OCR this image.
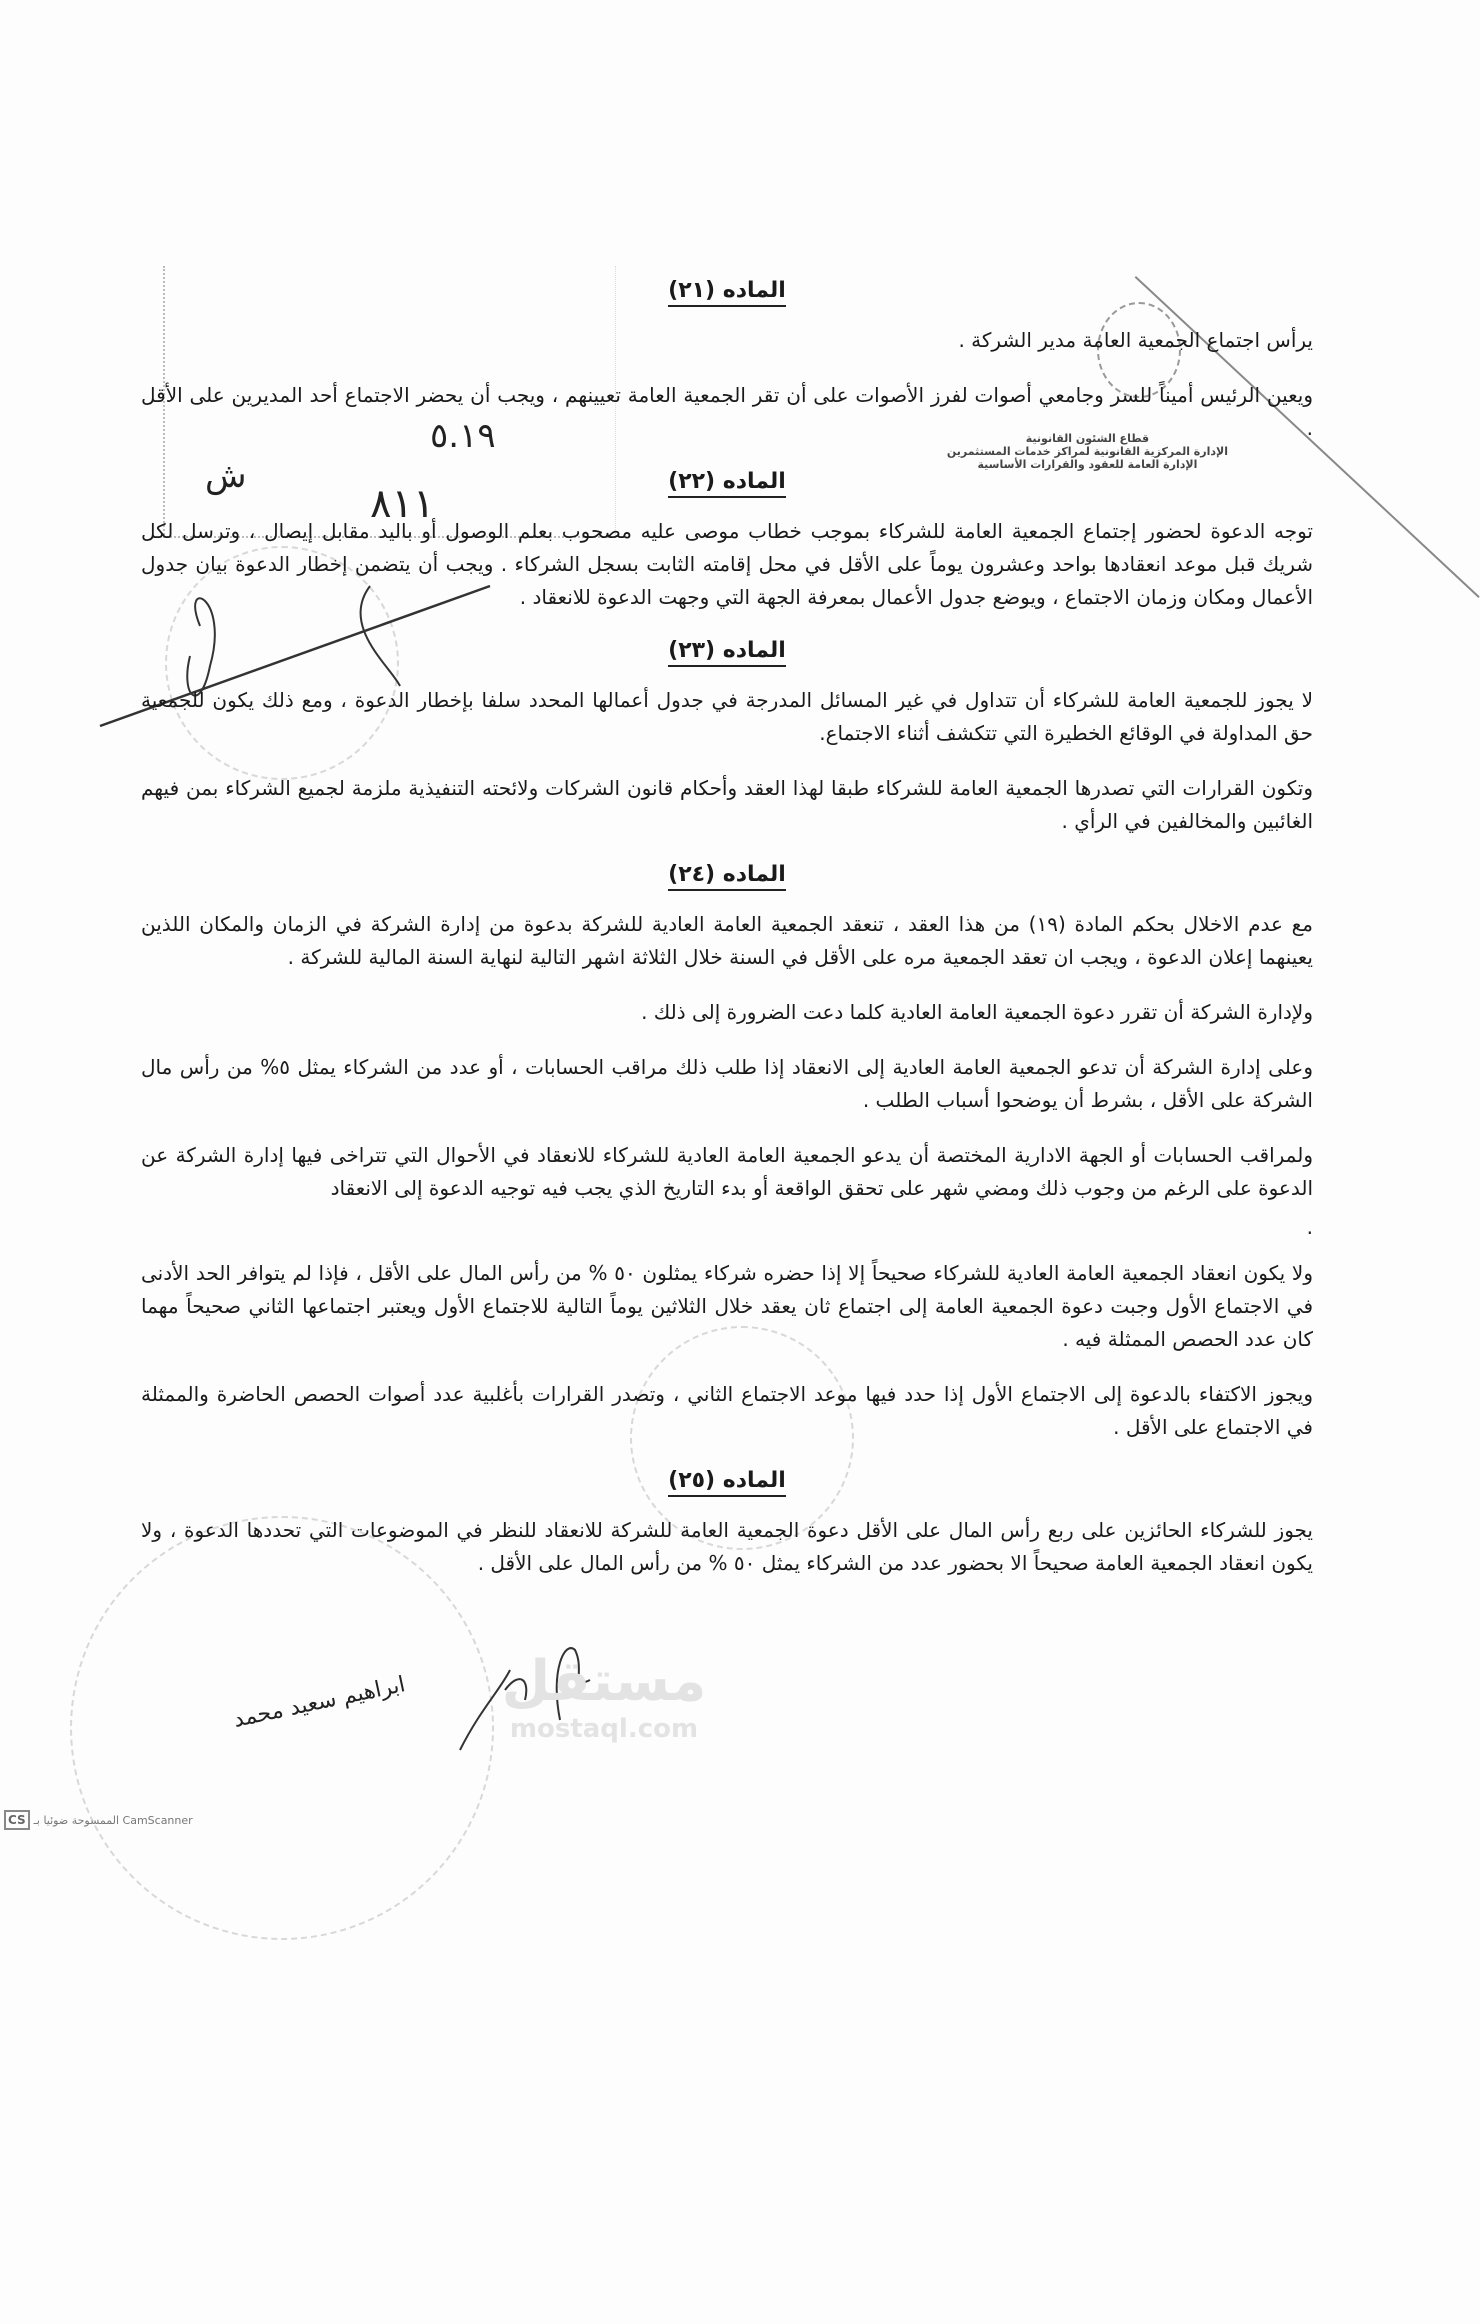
٥.١٩
٨١١
ش
قطاع الشئون القانونية
الإدارة المركزية القانونية لمراكز خدمات المستثمرين
الإدارة العامة للعقود والقرارات الأساسية
الماده (٢١)

يرأس اجتماع الجمعية العامة مدير الشركة .

ويعين الرئيس أميناً للسر وجامعي أصوات لفرز الأصوات على أن تقر الجمعية العامة تعيينهم ، ويجب أن يحضر الاجتماع أحد المديرين على الأقل .

الماده (٢٢)

توجه الدعوة لحضور إجتماع الجمعية العامة للشركاء بموجب خطاب موصى عليه مصحوب بعلم الوصول أو باليد مقابل إيصال ، وترسل لكل شريك قبل موعد انعقادها بواحد وعشرون يوماً على الأقل في محل إقامته الثابت بسجل الشركاء . ويجب أن يتضمن إخطار الدعوة بيان جدول الأعمال ومكان وزمان الاجتماع ، ويوضع جدول الأعمال بمعرفة الجهة التي وجهت الدعوة للانعقاد .

الماده (٢٣)

لا يجوز للجمعية العامة للشركاء أن تتداول في غير المسائل المدرجة في جدول أعمالها المحدد سلفا بإخطار الدعوة ، ومع ذلك يكون للجمعية حق المداولة في الوقائع الخطيرة التي تتكشف أثناء الاجتماع.

وتكون القرارات التي تصدرها الجمعية العامة للشركاء طبقا لهذا العقد وأحكام قانون الشركات ولائحته التنفيذية ملزمة لجميع الشركاء بمن فيهم الغائبين والمخالفين في الرأي .

الماده (٢٤)

مع عدم الاخلال بحكم المادة (١٩) من هذا العقد ، تنعقد الجمعية العامة العادية للشركة بدعوة من إدارة الشركة في الزمان والمكان اللذين يعينهما إعلان الدعوة ، ويجب ان تعقد الجمعية مره على الأقل في السنة خلال الثلاثة اشهر التالية لنهاية السنة المالية للشركة .

ولإدارة الشركة أن تقرر دعوة الجمعية العامة العادية كلما دعت الضرورة إلى ذلك .

وعلى إدارة الشركة أن تدعو الجمعية العامة العادية إلى الانعقاد إذا طلب ذلك مراقب الحسابات ، أو عدد من الشركاء يمثل ٥% من رأس مال الشركة على الأقل ، بشرط أن يوضحوا أسباب الطلب .

ولمراقب الحسابات أو الجهة الادارية المختصة أن يدعو الجمعية العامة العادية للشركاء للانعقاد في الأحوال التي تتراخى فيها إدارة الشركة عن الدعوة على الرغم من وجوب ذلك ومضي شهر على تحقق الواقعة أو بدء التاريخ الذي يجب فيه توجيه الدعوة إلى الانعقاد

.

ولا يكون انعقاد الجمعية العامة العادية للشركاء صحيحاً إلا إذا حضره شركاء يمثلون ٥٠ % من رأس المال على الأقل ، فإذا لم يتوافر الحد الأدنى في الاجتماع الأول وجبت دعوة الجمعية العامة إلى اجتماع ثان يعقد خلال الثلاثين يوماً التالية للاجتماع الأول ويعتبر اجتماعها الثاني صحيحاً مهما كان عدد الحصص الممثلة فيه .

ويجوز الاكتفاء بالدعوة إلى الاجتماع الأول إذا حدد فيها موعد الاجتماع الثاني ، وتصدر القرارات بأغلبية عدد أصوات الحصص الحاضرة والممثلة في الاجتماع على الأقل .

الماده (٢٥)

يجوز للشركاء الحائزين على ربع رأس المال على الأقل دعوة الجمعية العامة للشركة للانعقاد للنظر في الموضوعات التي تحددها الدعوة ، ولا يكون انعقاد الجمعية العامة صحيحاً الا بحضور عدد من الشركاء يمثل ٥٠ % من رأس المال على الأقل .

ابراهيم سعيد محمد مستقل
mostaql.com
CS الممسوحة ضوئيا بـ CamScanner
